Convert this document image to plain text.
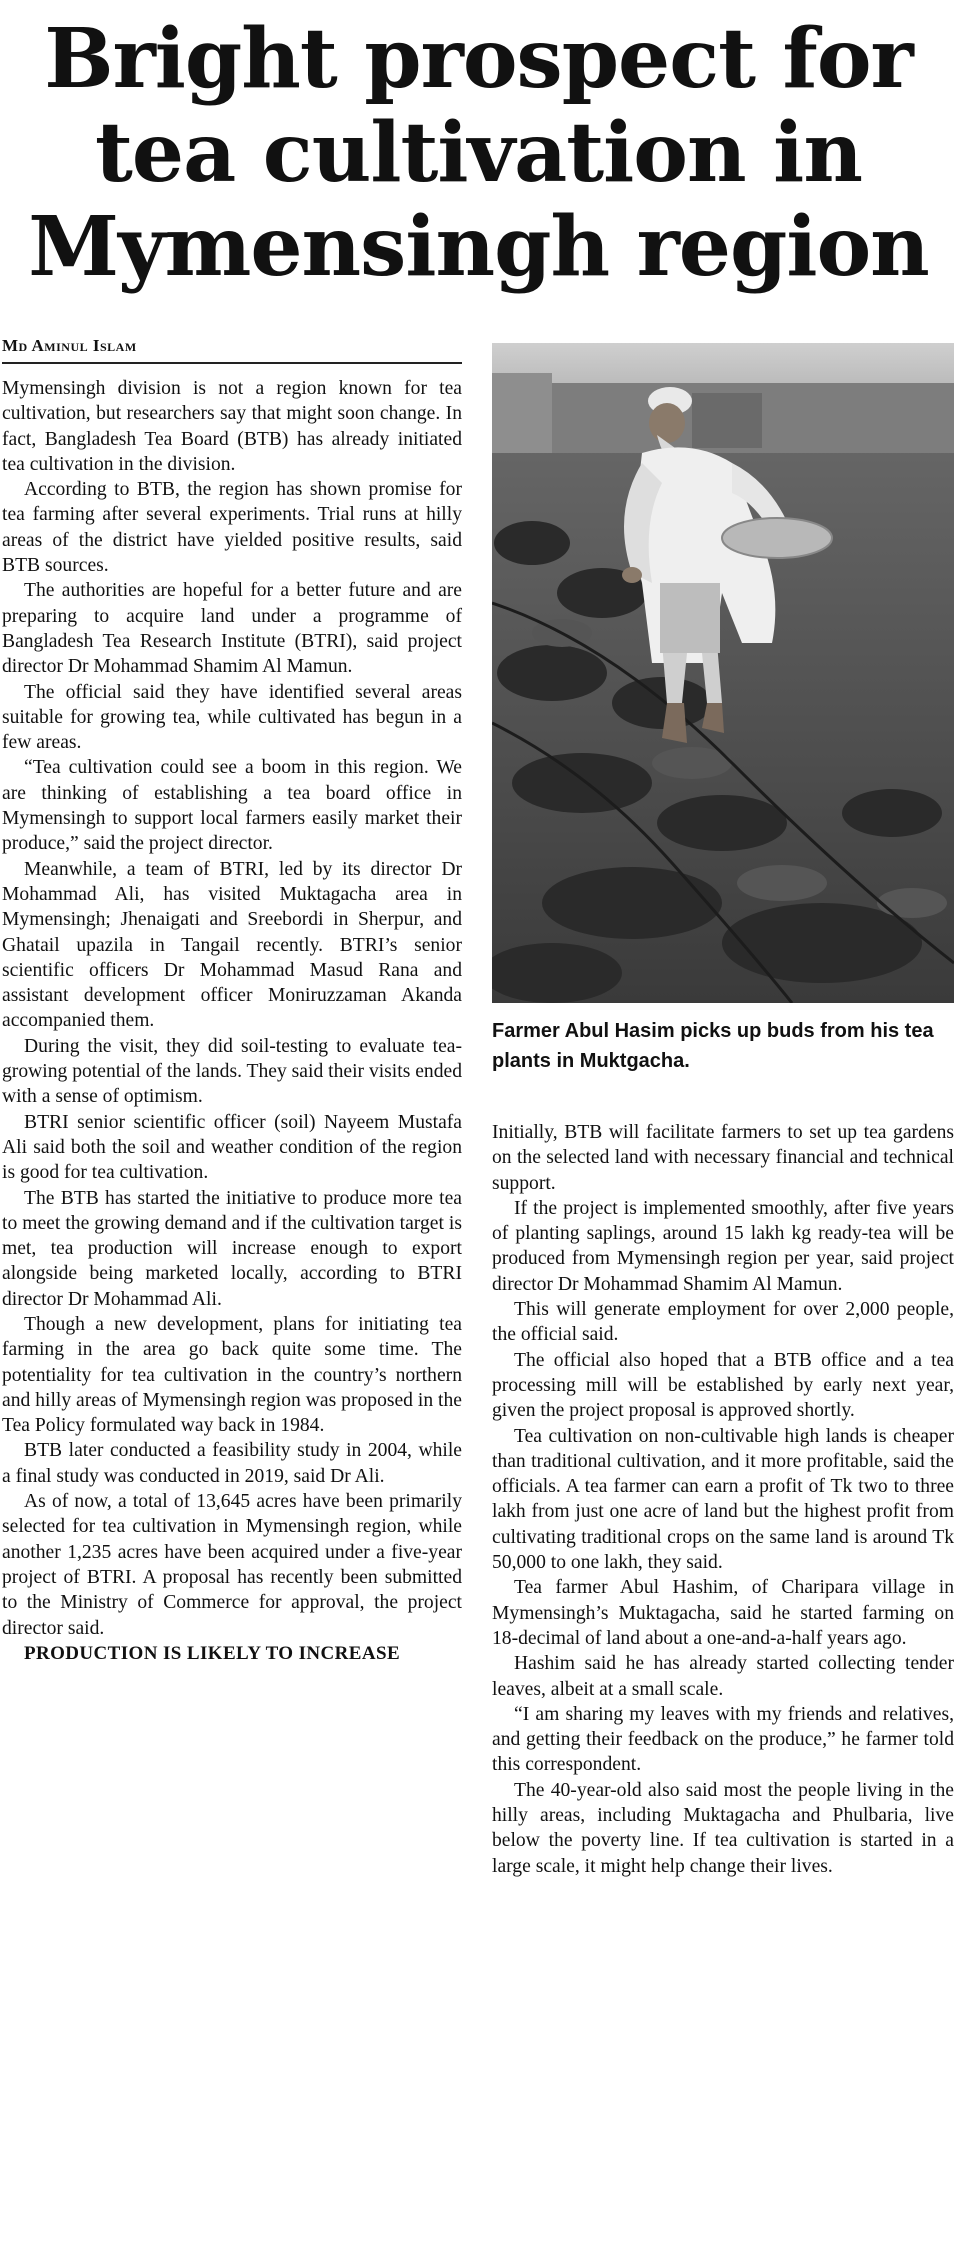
Bright prospect for
tea cultivation in
Mymensingh region
Md Aminul Islam

Mymensingh division is not a region known for tea cultivation, but researchers say that might soon change. In fact, Bangladesh Tea Board (BTB) has already initiated tea cultivation in the division.

According to BTB, the region has shown promise for tea farming after several experiments. Trial runs at hilly areas of the district have yielded positive results, said BTB sources.

The authorities are hopeful for a better future and are preparing to acquire land under a programme of Bangladesh Tea Research Institute (BTRI), said project director Dr Mohammad Shamim Al Mamun.

The official said they have identified several areas suitable for growing tea, while cultivated has begun in a few areas.

“Tea cultivation could see a boom in this region. We are thinking of establishing a tea board office in Mymensingh to support local farmers easily market their produce,” said the project director.

Meanwhile, a team of BTRI, led by its director Dr Mohammad Ali, has visited Muktagacha area in Mymensingh; Jhenaigati and Sreebordi in Sherpur, and Ghatail upazila in Tangail recently. BTRI’s senior scientific officers Dr Mohammad Masud Rana and assistant development officer Moniruzzaman Akanda accompanied them.

During the visit, they did soil-testing to evaluate tea-growing potential of the lands. They said their visits ended with a sense of optimism.

BTRI senior scientific officer (soil) Nayeem Mustafa Ali said both the soil and weather condition of the region is good for tea cultivation.

The BTB has started the initiative to produce more tea to meet the growing demand and if the cultivation target is met, tea production will increase enough to export alongside being marketed locally, according to BTRI director Dr Mohammad Ali.

Though a new development, plans for initiating tea farming in the area go back quite some time. The potentiality for tea cultivation in the country’s northern and hilly areas of Mymensingh region was proposed in the Tea Policy formulated way back in 1984.

BTB later conducted a feasibility study in 2004, while a final study was conducted in 2019, said Dr Ali.

As of now, a total of 13,645 acres have been primarily selected for tea cultivation in Mymensingh region, while another 1,235 acres have been acquired under a five-year project of BTRI. A proposal has recently been submitted to the Ministry of Commerce for approval, the project director said.

PRODUCTION IS LIKELY TO INCREASE

Farmer Abul Hasim picks up buds from his tea plants in Muktgacha.

Initially, BTB will facilitate farmers to set up tea gardens on the selected land with necessary financial and technical support.

If the project is implemented smoothly, after five years of planting saplings, around 15 lakh kg ready-tea will be produced from Mymensingh region per year, said project director Dr Mohammad Shamim Al Mamun.

This will generate employment for over 2,000 people, the official said.

The official also hoped that a BTB office and a tea processing mill will be established by early next year, given the project proposal is approved shortly.

Tea cultivation on non-cultivable high lands is cheaper than traditional cultivation, and it more profitable, said the officials. A tea farmer can earn a profit of Tk two to three lakh from just one acre of land but the highest profit from cultivating traditional crops on the same land is around Tk 50,000 to one lakh, they said.

Tea farmer Abul Hashim, of Charipara village in Mymensingh’s Muktagacha, said he started farming on 18-decimal of land about a one-and-a-half years ago.

Hashim said he has already started collecting tender leaves, albeit at a small scale.

“I am sharing my leaves with my friends and relatives, and getting their feedback on the produce,” he farmer told this correspondent.

The 40-year-old also said most the people living in the hilly areas, including Muktagacha and Phulbaria, live below the poverty line. If tea cultivation is started in a large scale, it might help change their lives.
